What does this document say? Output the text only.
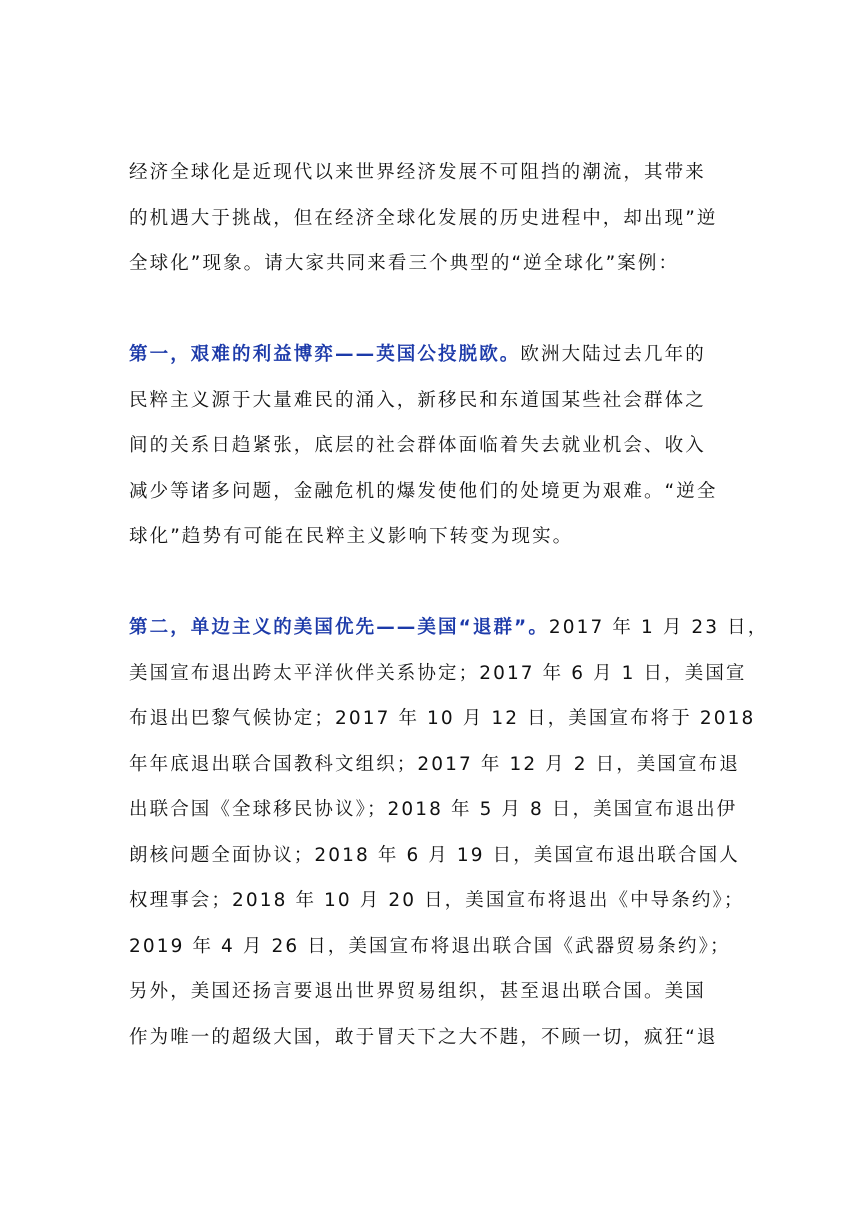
经济全球化是近现代以来世界经济发展不可阻挡的潮流，其带来
的机遇大于挑战，但在经济全球化发展的历史进程中，却出现”逆
全球化”现象。请大家共同来看三个典型的“逆全球化”案例：
第一，艰难的利益博弈——英国公投脱欧。欧洲大陆过去几年的
民粹主义源于大量难民的涌入，新移民和东道国某些社会群体之
间的关系日趋紧张，底层的社会群体面临着失去就业机会、收入
减少等诸多问题，金融危机的爆发使他们的处境更为艰难。“逆全
球化”趋势有可能在民粹主义影响下转变为现实。
第二，单边主义的美国优先——美国“退群”。2017 年 1 月 23 日，
美国宣布退出跨太平洋伙伴关系协定；2017 年 6 月 1 日，美国宣
布退出巴黎气候协定；2017 年 10 月 12 日，美国宣布将于 2018
年年底退出联合国教科文组织；2017 年 12 月 2 日，美国宣布退
出联合国《全球移民协议》；2018 年 5 月 8 日，美国宣布退出伊
朗核问题全面协议；2018 年 6 月 19 日，美国宣布退出联合国人
权理事会；2018 年 10 月 20 日，美国宣布将退出《中导条约》；
2019 年 4 月 26 日，美国宣布将退出联合国《武器贸易条约》；
另外，美国还扬言要退出世界贸易组织，甚至退出联合国。美国
作为唯一的超级大国，敢于冒天下之大不韪，不顾一切，疯狂“退
